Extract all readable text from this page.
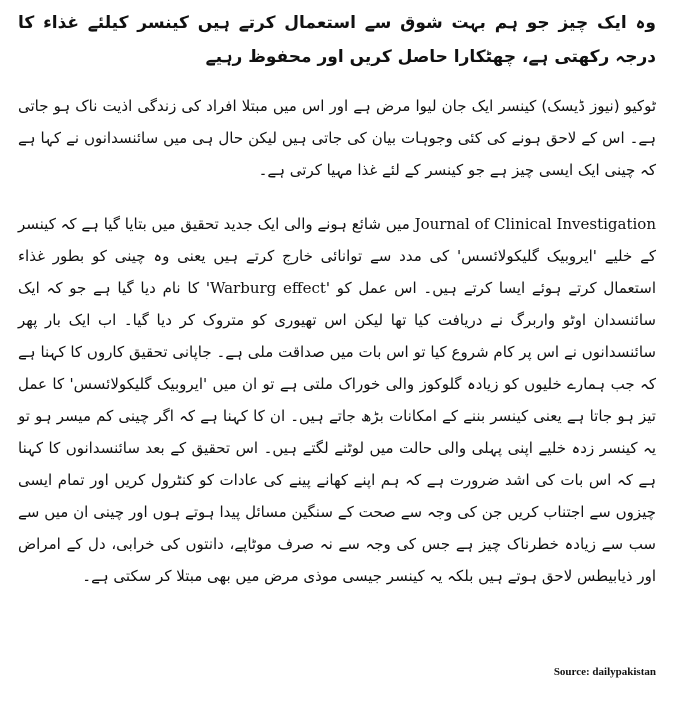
وہ ایک چیز جو ہم بہت شوق سے استعمال کرتے ہیں کینسر کیلئے غذاء کا درجہ رکھتی ہے، چھٹکارا حاصل کریں اور محفوظ رہیے

ٹوکیو (نیوز ڈیسک) کینسر ایک جان لیوا مرض ہے اور اس میں مبتلا افراد کی زندگی اذیت ناک ہو جاتی ہے۔ اس کے لاحق ہونے کی کئی وجوہات بیان کی جاتی ہیں لیکن حال ہی میں سائنسدانوں نے کہا ہے کہ چینی ایک ایسی چیز ہے جو کینسر کے لئے غذا مہیا کرتی ہے۔

Journal of Clinical Investigation میں شائع ہونے والی ایک جدید تحقیق میں بتایا گیا ہے کہ کینسر کے خلیے 'ایروبیک گلیکولائسس' کی مدد سے توانائی خارج کرتے ہیں یعنی وہ چینی کو بطور غذاء استعمال کرتے ہوئے ایسا کرتے ہیں۔ اس عمل کو 'Warburg effect' کا نام دیا گیا ہے جو کہ ایک سائنسدان اوٹو واربرگ نے دریافت کیا تھا لیکن اس تھیوری کو متروک کر دیا گیا۔ اب ایک بار پھر سائنسدانوں نے اس پر کام شروع کیا تو اس بات میں صداقت ملی ہے۔ جاپانی تحقیق کاروں کا کہنا ہے کہ جب ہمارے خلیوں کو زیادہ گلوکوز والی خوراک ملتی ہے تو ان میں 'ایروبیک گلیکولائسس' کا عمل تیز ہو جاتا ہے یعنی کینسر بننے کے امکانات بڑھ جاتے ہیں۔ ان کا کہنا ہے کہ اگر چینی کم میسر ہو تو یہ کینسر زدہ خلیے اپنی پہلی والی حالت میں لوٹنے لگتے ہیں۔ اس تحقیق کے بعد سائنسدانوں کا کہنا ہے کہ اس بات کی اشد ضرورت ہے کہ ہم اپنے کھانے پینے کی عادات کو کنٹرول کریں اور تمام ایسی چیزوں سے اجتناب کریں جن کی وجہ سے صحت کے سنگین مسائل پیدا ہوتے ہوں اور چینی ان میں سے سب سے زیادہ خطرناک چیز ہے جس کی وجہ سے نہ صرف موٹاپے، دانتوں کی خرابی، دل کے امراض اور ذیابیطس لاحق ہوتے ہیں بلکہ یہ کینسر جیسی موذی مرض میں بھی مبتلا کر سکتی ہے۔

Source: dailypakistan
